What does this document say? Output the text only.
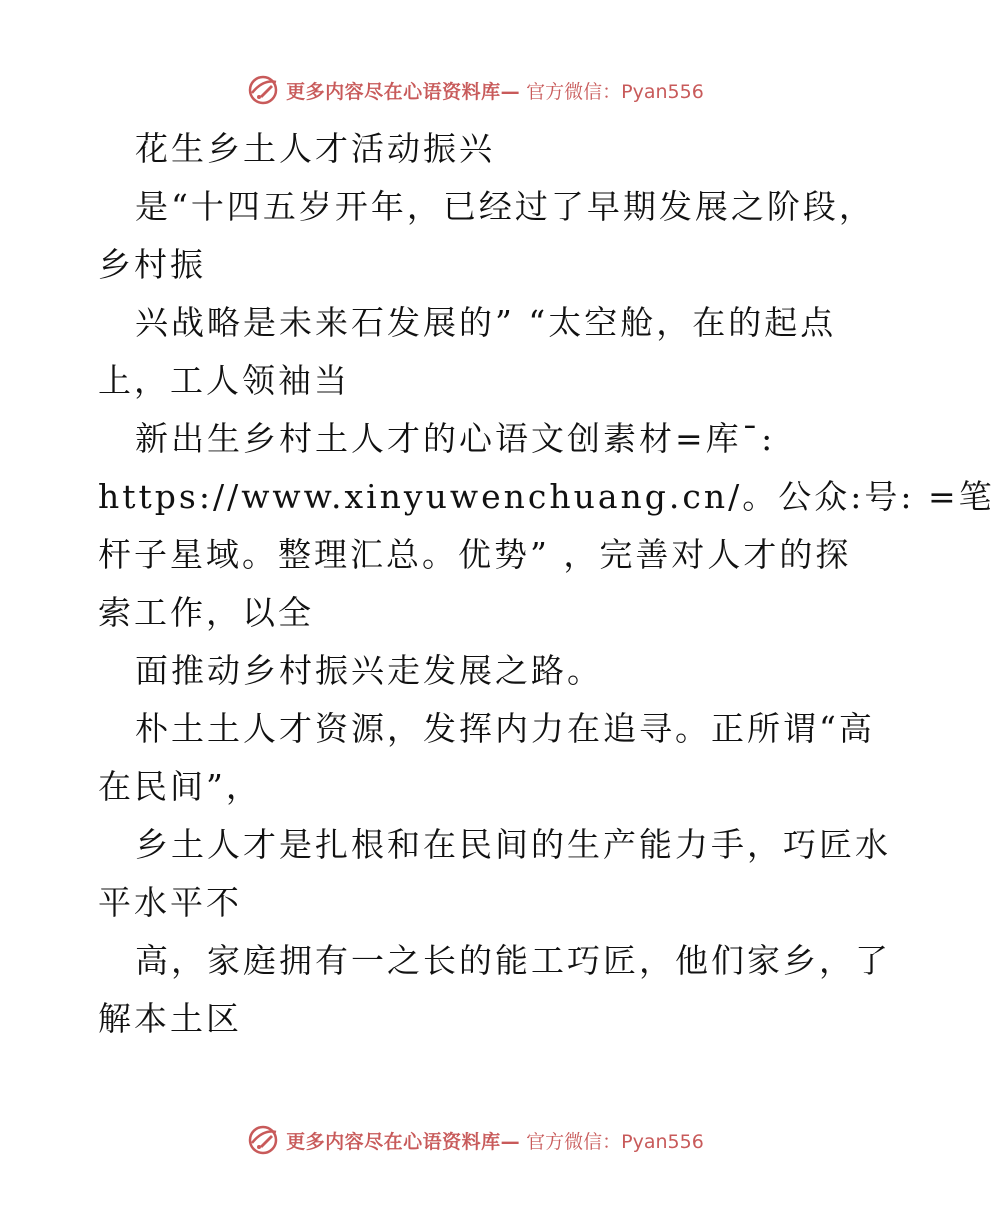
更多内容尽在心语资料库— 官方微信：Pyan556
花生乡土人才活动振兴
是“十四五岁开年，已经过了早期发展之阶段，
乡村振
兴战略是未来石发展的” “太空舱，在的起点
上，工人领袖当
新出生乡村土人才的心语文创素材=库¯:
https://www.xinyuwenchuang.cn/。公众:号: =笔
杆子星域。整理汇总。优势” ，完善对人才的探
索工作，以全
面推动乡村振兴走发展之路。
朴土土人才资源，发挥内力在追寻。正所谓“高
在民间”，
乡土人才是扎根和在民间的生产能力手，巧匠水
平水平不
高，家庭拥有一之长的能工巧匠，他们家乡，了
解本土区
更多内容尽在心语资料库— 官方微信：Pyan556
